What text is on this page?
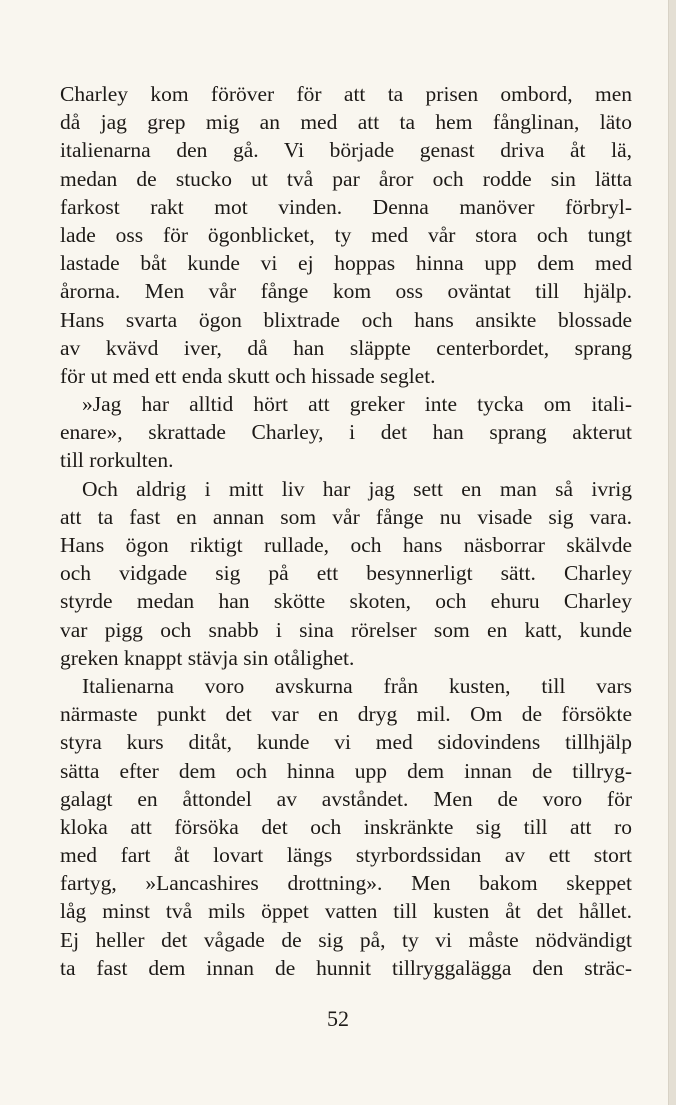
Charley kom föröver för att ta prisen ombord, men
då jag grep mig an med att ta hem fånglinan, läto
italienarna den gå. Vi började genast driva åt lä,
medan de stucko ut två par åror och rodde sin lätta
farkost rakt mot vinden. Denna manöver förbryl-
lade oss för ögonblicket, ty med vår stora och tungt
lastade båt kunde vi ej hoppas hinna upp dem med
årorna. Men vår fånge kom oss oväntat till hjälp.
Hans svarta ögon blixtrade och hans ansikte blossade
av kvävd iver, då han släppte centerbordet, sprang
för ut med ett enda skutt och hissade seglet.
»Jag har alltid hört att greker inte tycka om itali-
enare», skrattade Charley, i det han sprang akterut
till rorkulten.
Och aldrig i mitt liv har jag sett en man så ivrig
att ta fast en annan som vår fånge nu visade sig vara.
Hans ögon riktigt rullade, och hans näsborrar skälvde
och vidgade sig på ett besynnerligt sätt. Charley
styrde medan han skötte skoten, och ehuru Charley
var pigg och snabb i sina rörelser som en katt, kunde
greken knappt stävja sin otålighet.
Italienarna voro avskurna från kusten, till vars
närmaste punkt det var en dryg mil. Om de försökte
styra kurs ditåt, kunde vi med sidovindens tillhjälp
sätta efter dem och hinna upp dem innan de tillryg-
galagt en åttondel av avståndet. Men de voro för
kloka att försöka det och inskränkte sig till att ro
med fart åt lovart längs styrbordssidan av ett stort
fartyg, »Lancashires drottning». Men bakom skeppet
låg minst två mils öppet vatten till kusten åt det hållet.
Ej heller det vågade de sig på, ty vi måste nödvändigt
ta fast dem innan de hunnit tillryggalägga den sträc-
52
